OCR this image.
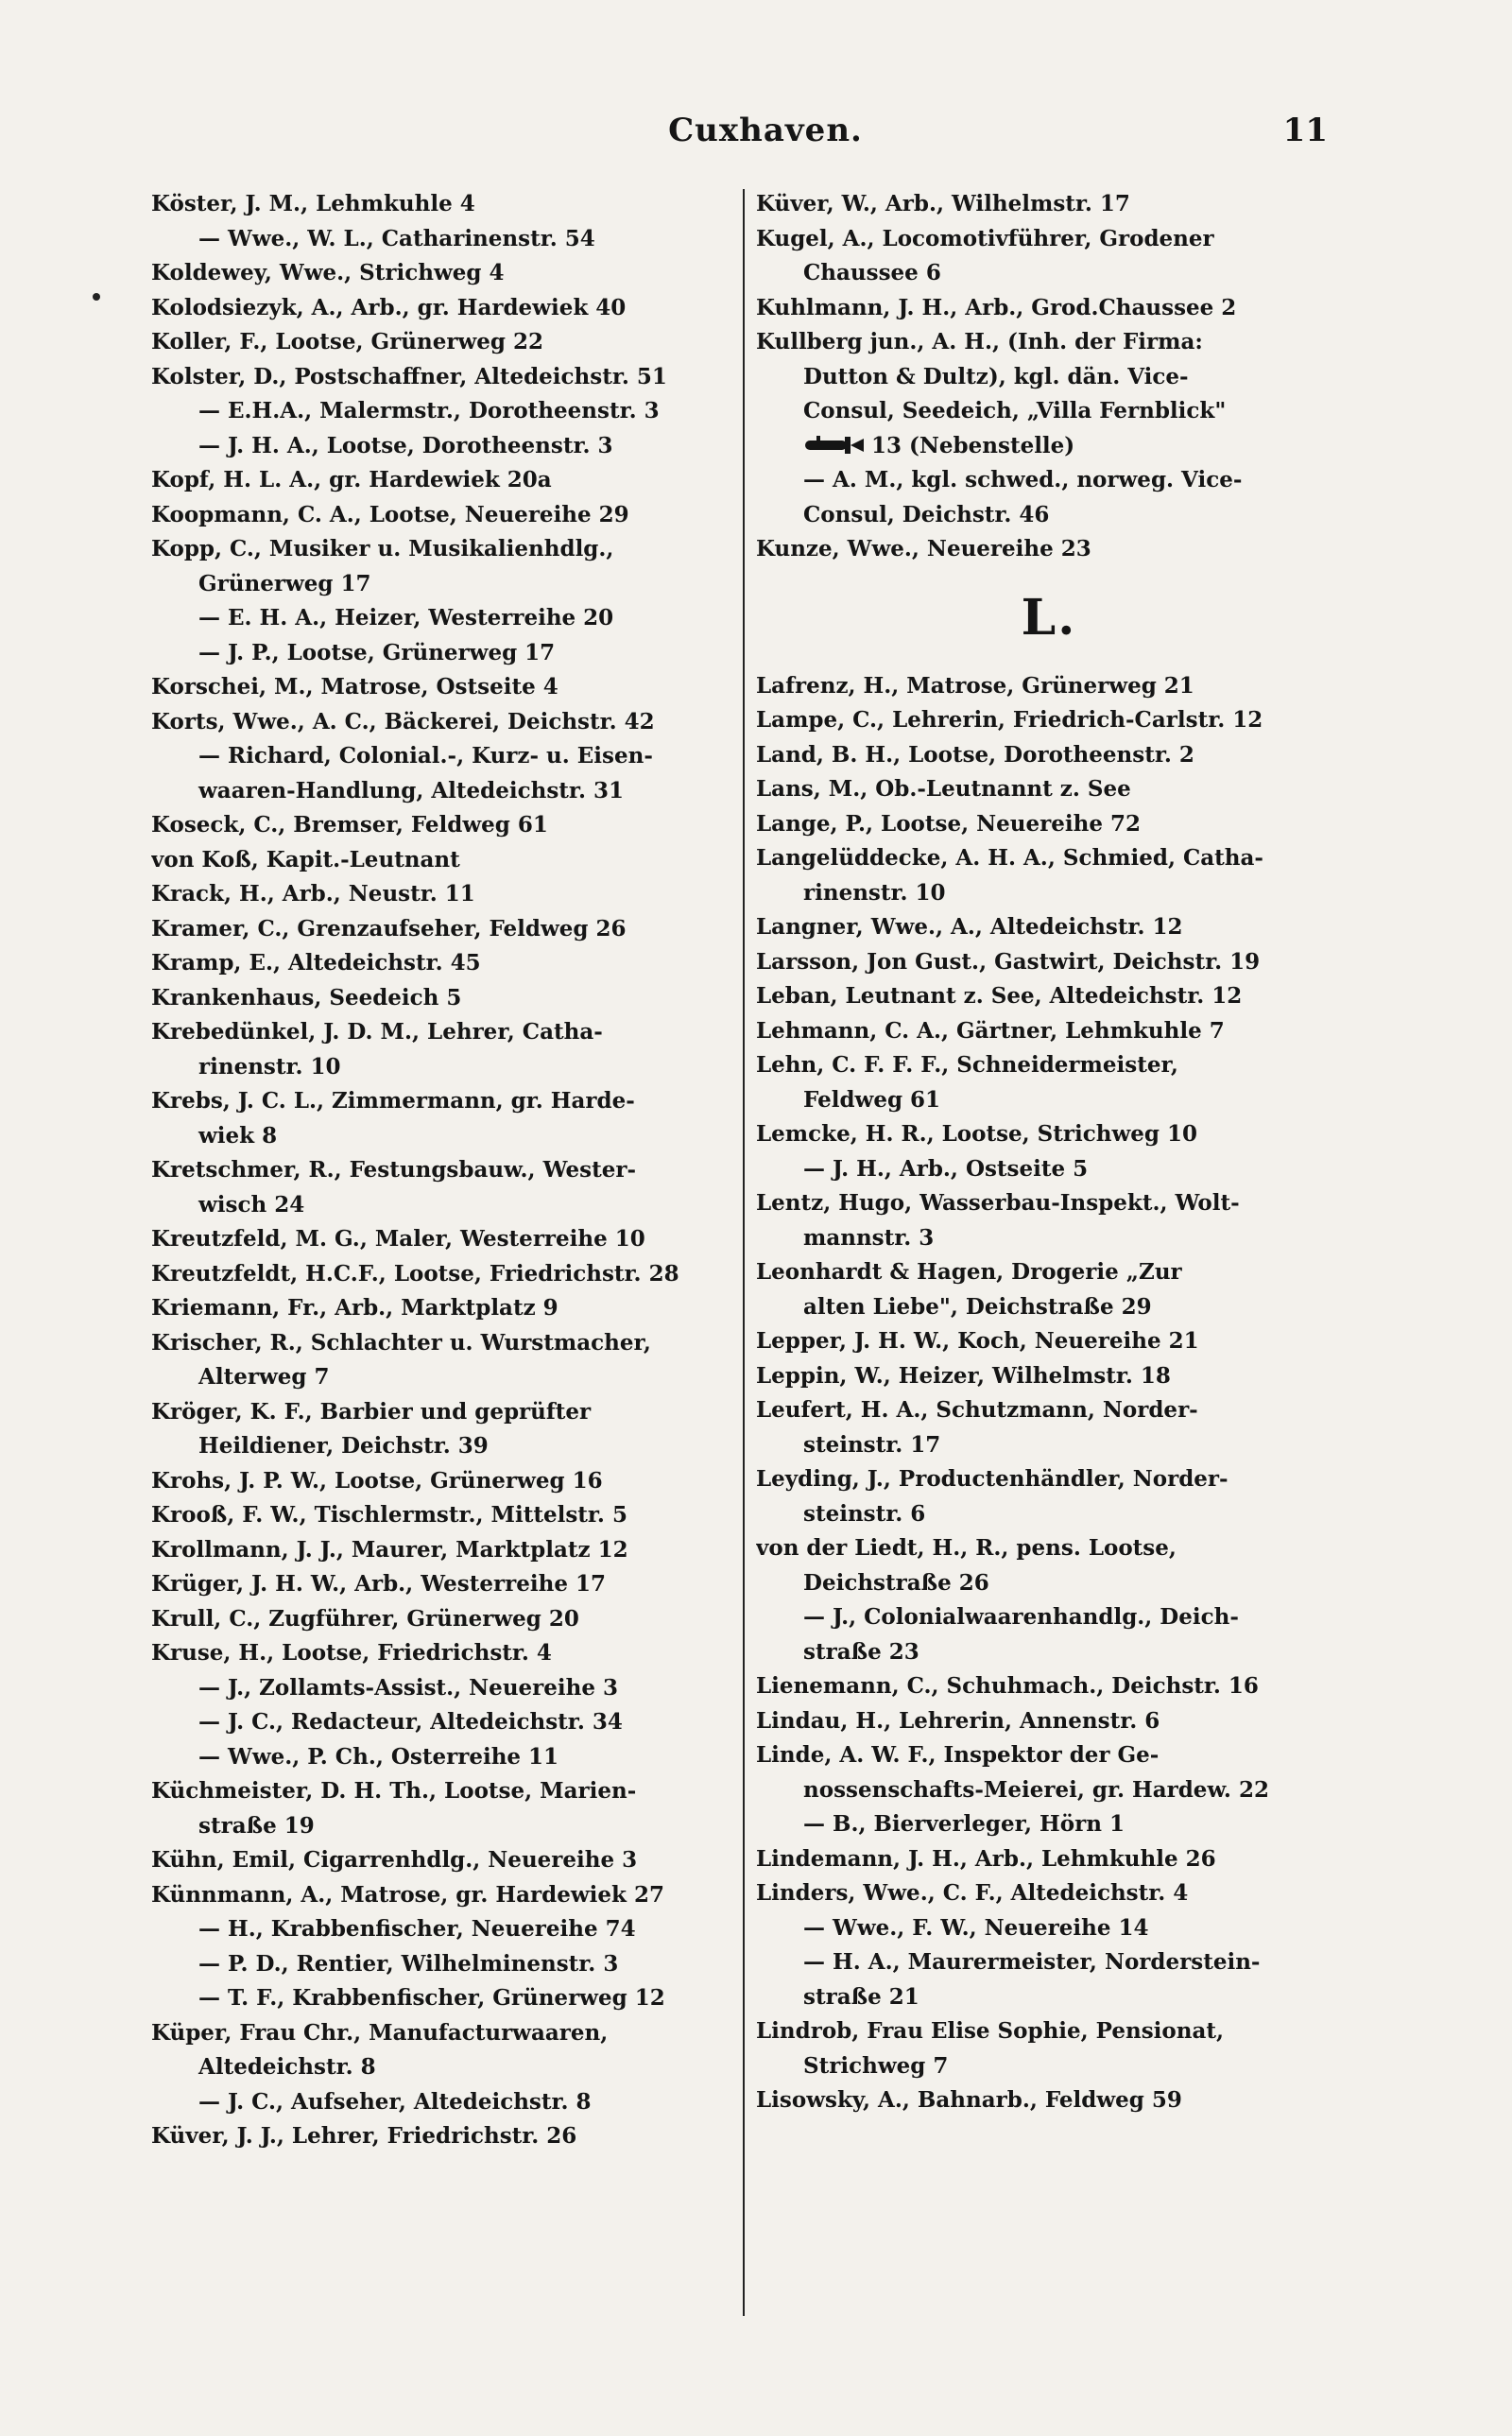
Cuxhaven.	11
Köster, J. M., Lehmkuhle 4
— Wwe., W. L., Catharinenstr. 54
Koldewey, Wwe., Strichweg 4
Kolodsiezyk, A., Arb., gr. Hardewiek 40
Koller, F., Lootse, Grünerweg 22
Kolster, D., Postschaffner, Altedeichstr. 51
— E.H.A., Malermstr., Dorotheenstr. 3
— J. H. A., Lootse, Dorotheenstr. 3
Kopf, H. L. A., gr. Hardewiek 20a
Koopmann, C. A., Lootse, Neuereihe 29
Kopp, C., Musiker u. Musikalienhdlg.,
Grünerweg 17
— E. H. A., Heizer, Westerreihe 20
— J. P., Lootse, Grünerweg 17
Korschei, M., Matrose, Ostseite 4
Korts, Wwe., A. C., Bäckerei, Deichstr. 42
— Richard, Colonial.-, Kurz- u. Eisen-
waaren-Handlung, Altedeichstr. 31
Koseck, C., Bremser, Feldweg 61
von Koß, Kapit.-Leutnant
Krack, H., Arb., Neustr. 11
Kramer, C., Grenzaufseher, Feldweg 26
Kramp, E., Altedeichstr. 45
Krankenhaus, Seedeich 5
Krebedünkel, J. D. M., Lehrer, Catha-
rinenstr. 10
Krebs, J. C. L., Zimmermann, gr. Harde-
wiek 8
Kretschmer, R., Festungsbauw., Wester-
wisch 24
Kreutzfeld, M. G., Maler, Westerreihe 10
Kreutzfeldt, H.C.F., Lootse, Friedrichstr. 28
Kriemann, Fr., Arb., Marktplatz 9
Krischer, R., Schlachter u. Wurstmacher,
Alterweg 7
Kröger, K. F., Barbier und geprüfter
Heildiener, Deichstr. 39
Krohs, J. P. W., Lootse, Grünerweg 16
Krooß, F. W., Tischlermstr., Mittelstr. 5
Krollmann, J. J., Maurer, Marktplatz 12
Krüger, J. H. W., Arb., Westerreihe 17
Krull, C., Zugführer, Grünerweg 20
Kruse, H., Lootse, Friedrichstr. 4
— J., Zollamts-Assist., Neuereihe 3
— J. C., Redacteur, Altedeichstr. 34
— Wwe., P. Ch., Osterreihe 11
Küchmeister, D. H. Th., Lootse, Marien-
straße 19
Kühn, Emil, Cigarrenhdlg., Neuereihe 3
Künnmann, A., Matrose, gr. Hardewiek 27
— H., Krabbenfischer, Neuereihe 74
— P. D., Rentier, Wilhelminenstr. 3
— T. F., Krabbenfischer, Grünerweg 12
Küper, Frau Chr., Manufacturwaaren,
Altedeichstr. 8
— J. C., Aufseher, Altedeichstr. 8
Küver, J. J., Lehrer, Friedrichstr. 26
Küver, W., Arb., Wilhelmstr. 17
Kugel, A., Locomotivführer, Grodener
Chaussee 6
Kuhlmann, J. H., Arb., Grod.Chaussee 2
Kullberg jun., A. H., (Inh. der Firma:
Dutton & Dultz), kgl. dän. Vice-
Consul, Seedeich, „Villa Fernblick"
13 (Nebenstelle)
— A. M., kgl. schwed., norweg. Vice-
Consul, Deichstr. 46
Kunze, Wwe., Neuereihe 23
L.
Lafrenz, H., Matrose, Grünerweg 21
Lampe, C., Lehrerin, Friedrich-Carlstr. 12
Land, B. H., Lootse, Dorotheenstr. 2
Lans, M., Ob.-Leutnannt z. See
Lange, P., Lootse, Neuereihe 72
Langelüddecke, A. H. A., Schmied, Catha-
rinenstr. 10
Langner, Wwe., A., Altedeichstr. 12
Larsson, Jon Gust., Gastwirt, Deichstr. 19
Leban, Leutnant z. See, Altedeichstr. 12
Lehmann, C. A., Gärtner, Lehmkuhle 7
Lehn, C. F. F. F., Schneidermeister,
Feldweg 61
Lemcke, H. R., Lootse, Strichweg 10
— J. H., Arb., Ostseite 5
Lentz, Hugo, Wasserbau-Inspekt., Wolt-
mannstr. 3
Leonhardt & Hagen, Drogerie „Zur
alten Liebe", Deichstraße 29
Lepper, J. H. W., Koch, Neuereihe 21
Leppin, W., Heizer, Wilhelmstr. 18
Leufert, H. A., Schutzmann, Norder-
steinstr. 17
Leyding, J., Productenhändler, Norder-
steinstr. 6
von der Liedt, H., R., pens. Lootse,
Deichstraße 26
— J., Colonialwaarenhandlg., Deich-
straße 23
Lienemann, C., Schuhmach., Deichstr. 16
Lindau, H., Lehrerin, Annenstr. 6
Linde, A. W. F., Inspektor der Ge-
nossenschafts-Meierei, gr. Hardew. 22
— B., Bierverleger, Hörn 1
Lindemann, J. H., Arb., Lehmkuhle 26
Linders, Wwe., C. F., Altedeichstr. 4
— Wwe., F. W., Neuereihe 14
— H. A., Maurermeister, Norderstein-
straße 21
Lindrob, Frau Elise Sophie, Pensionat,
Strichweg 7
Lisowsky, A., Bahnarb., Feldweg 59
